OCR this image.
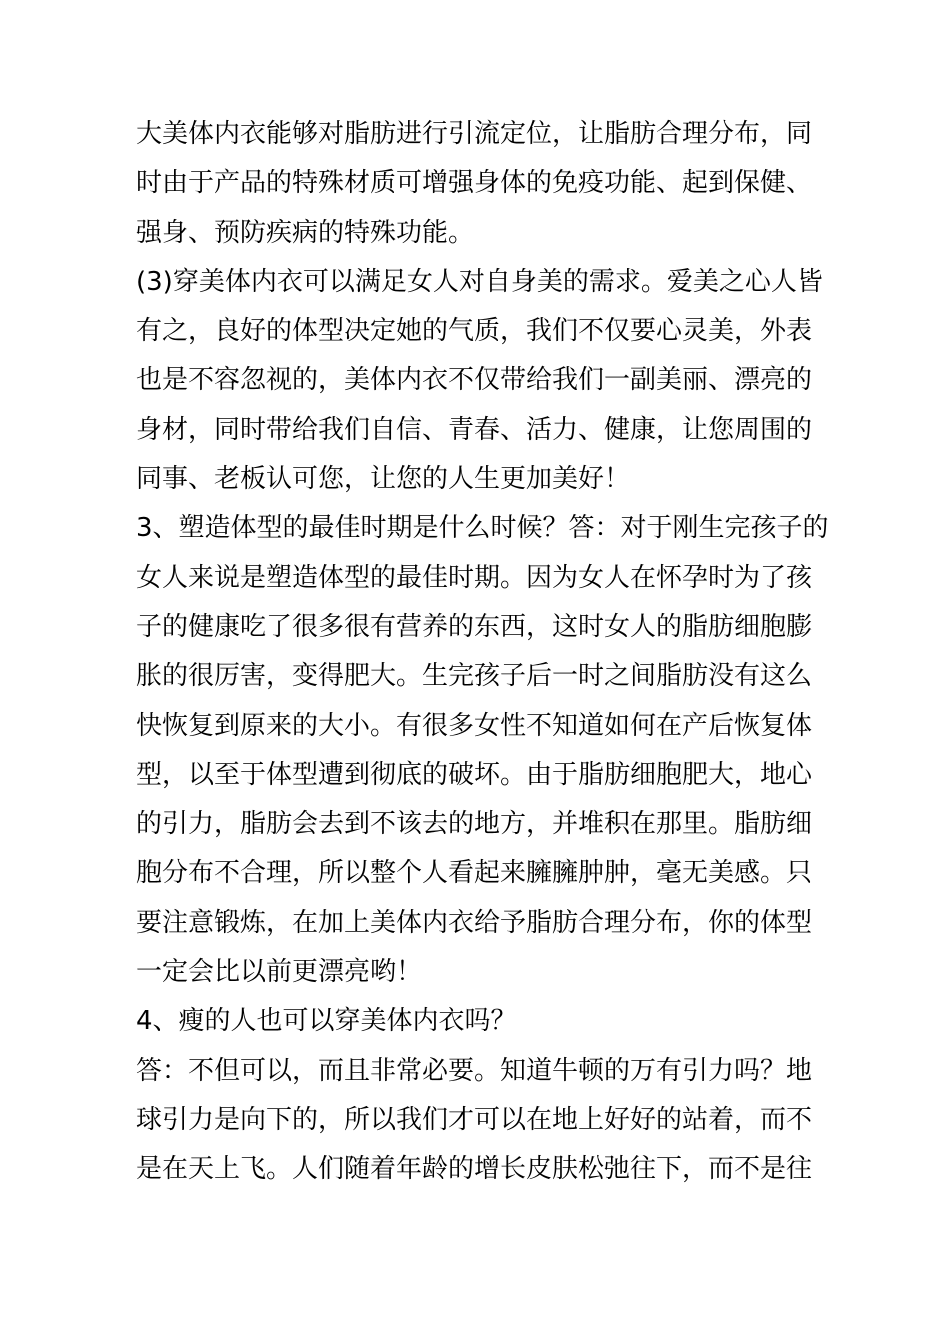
大美体内衣能够对脂肪进行引流定位，让脂肪合理分布，同
时由于产品的特殊材质可增强身体的免疫功能、起到保健、
强身、预防疾病的特殊功能。
(3)穿美体内衣可以满足女人对自身美的需求。爱美之心人皆
有之，良好的体型决定她的气质，我们不仅要心灵美，外表
也是不容忽视的，美体内衣不仅带给我们一副美丽、漂亮的
身材，同时带给我们自信、青春、活力、健康，让您周围的
同事、老板认可您，让您的人生更加美好！
3、塑造体型的最佳时期是什么时候？答：对于刚生完孩子的
女人来说是塑造体型的最佳时期。因为女人在怀孕时为了孩
子的健康吃了很多很有营养的东西，这时女人的脂肪细胞膨
胀的很厉害，变得肥大。生完孩子后一时之间脂肪没有这么
快恢复到原来的大小。有很多女性不知道如何在产后恢复体
型，以至于体型遭到彻底的破坏。由于脂肪细胞肥大，地心
的引力，脂肪会去到不该去的地方，并堆积在那里。脂肪细
胞分布不合理，所以整个人看起来臃臃肿肿，毫无美感。只
要注意锻炼，在加上美体内衣给予脂肪合理分布，你的体型
一定会比以前更漂亮哟！
4、瘦的人也可以穿美体内衣吗？
答：不但可以，而且非常必要。知道牛顿的万有引力吗？地
球引力是向下的，所以我们才可以在地上好好的站着，而不
是在天上飞。人们随着年龄的增长皮肤松弛往下，而不是往
